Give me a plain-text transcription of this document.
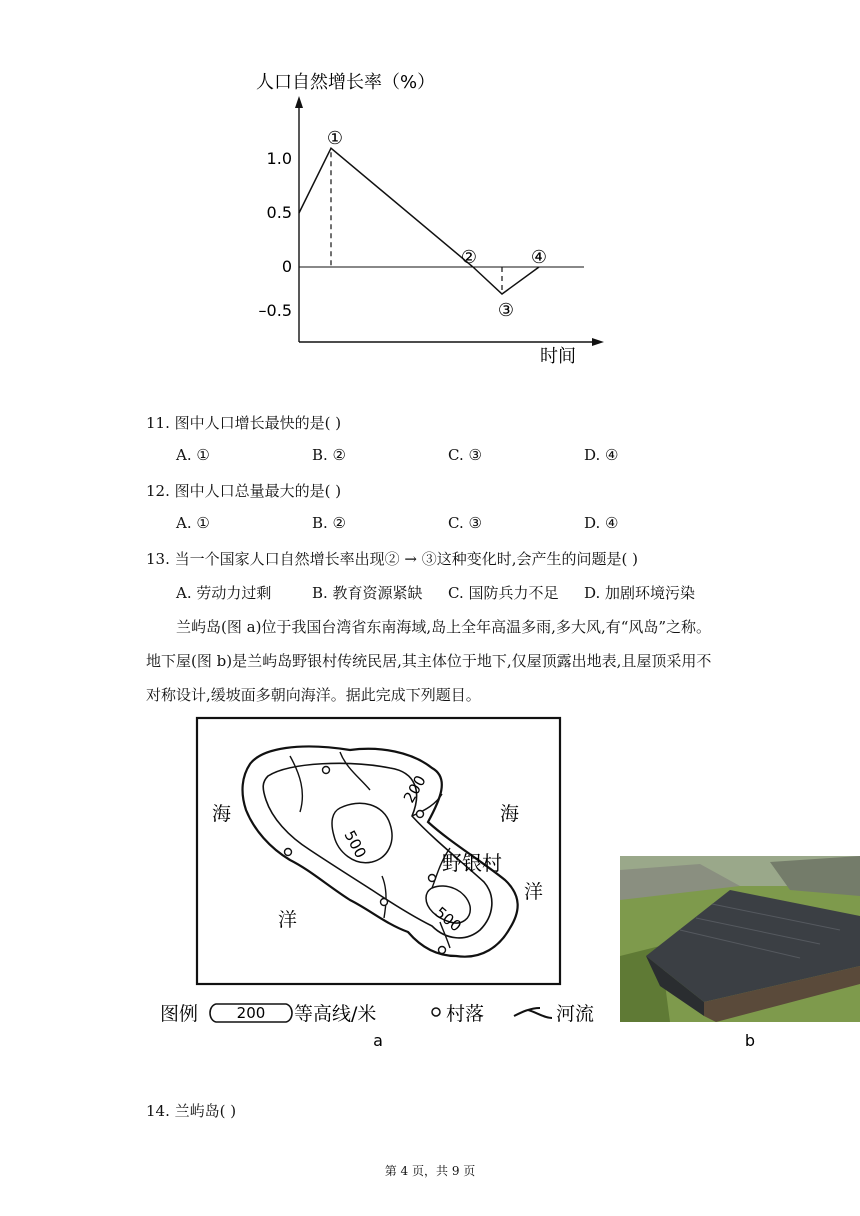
人口自然增长率（%）
时间
1.0
0.5
0
–0.5
①
②
③
④
11. 图中人口增长最快的是( )
A. ①	B. ②	C. ③	D. ④
12. 图中人口总量最大的是( )
A. ①	B. ②	C. ③	D. ④
13. 当一个国家人口自然增长率出现② → ③这种变化时,会产生的问题是( )
A. 劳动力过剩	B. 教育资源紧缺 C. 国防兵力不足 D. 加剧环境污染
兰屿岛(图 a)位于我国台湾省东南海域,岛上全年高温多雨,多大风,有“风岛”之称。
地下屋(图 b)是兰屿岛野银村传统民居,其主体位于地下,仅屋顶露出地表,且屋顶采用不
对称设计,缓坡面多朝向海洋。据此完成下列题目。
200
500
500
海	海
洋
洋
野银村
图例	200 等高线/米	村落	河流
a	b
14. 兰屿岛( )
第 4 页，共 9 页
